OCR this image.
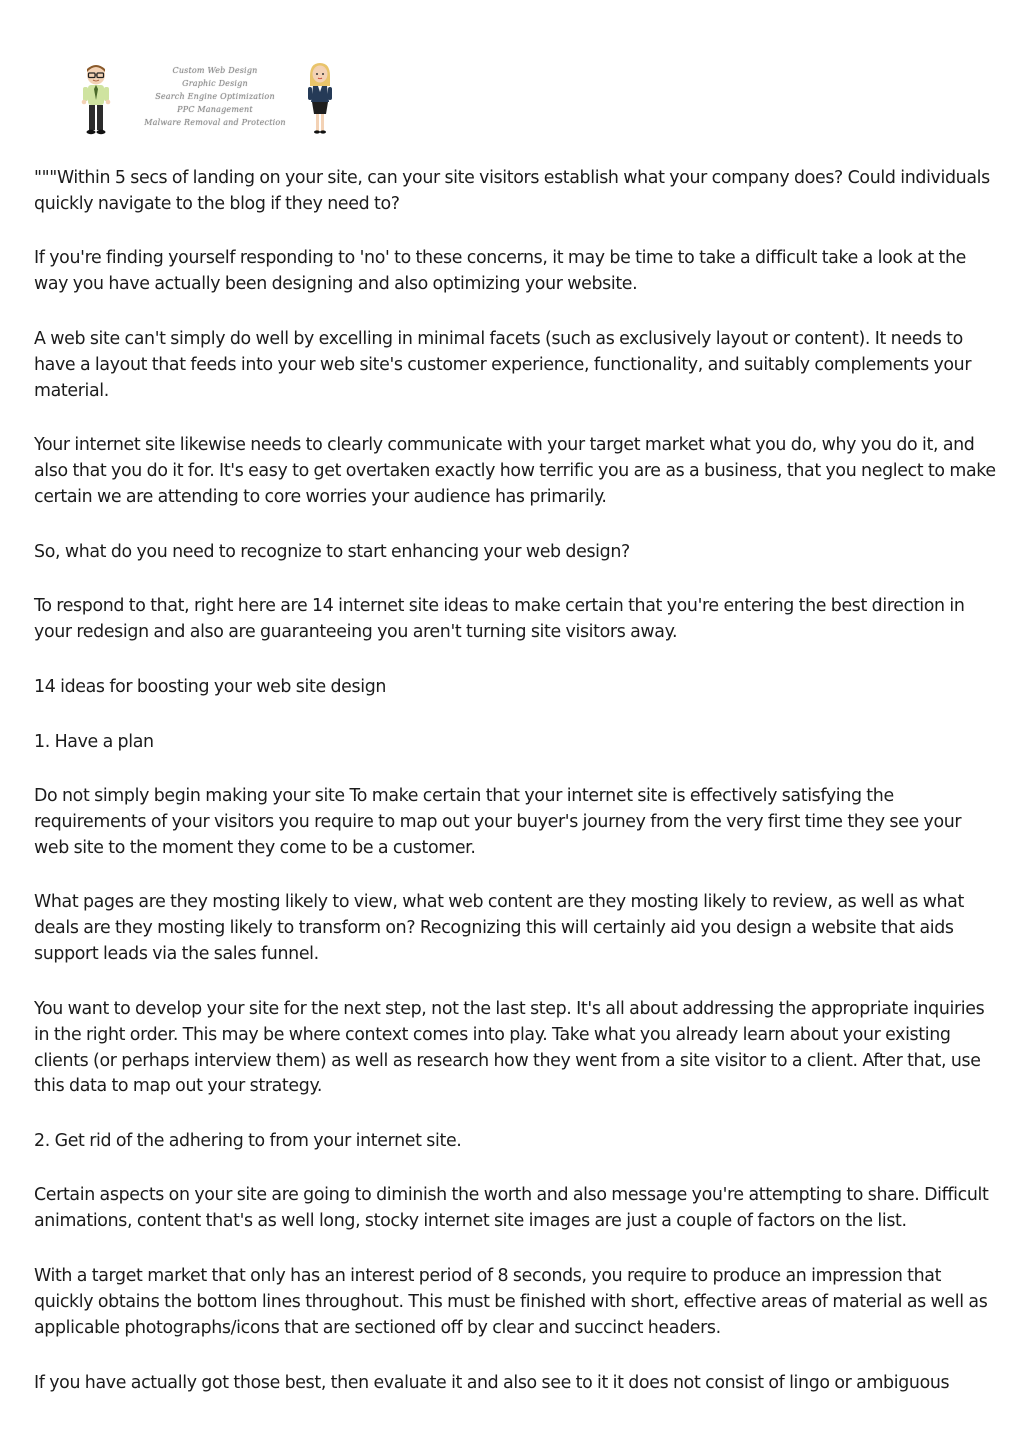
Custom Web Design
Graphic Design
Search Engine Optimization
PPC Management
Malware Removal and Protection

"""Within 5 secs of landing on your site, can your site visitors establish what your company does? Could individuals quickly navigate to the blog if they need to?

If you're finding yourself responding to 'no' to these concerns, it may be time to take a difficult take a look at the way you have actually been designing and also optimizing your website.

A web site can't simply do well by excelling in minimal facets (such as exclusively layout or content). It needs to have a layout that feeds into your web site's customer experience, functionality, and suitably complements your material.

Your internet site likewise needs to clearly communicate with your target market what you do, why you do it, and also that you do it for. It's easy to get overtaken exactly how terrific you are as a business, that you neglect to make certain we are attending to core worries your audience has primarily.

So, what do you need to recognize to start enhancing your web design?

To respond to that, right here are 14 internet site ideas to make certain that you're entering the best direction in your redesign and also are guaranteeing you aren't turning site visitors away.

14 ideas for boosting your web site design

1. Have a plan

Do not simply begin making your site To make certain that your internet site is effectively satisfying the requirements of your visitors you require to map out your buyer's journey from the very first time they see your web site to the moment they come to be a customer.

What pages are they mosting likely to view, what web content are they mosting likely to review, as well as what deals are they mosting likely to transform on? Recognizing this will certainly aid you design a website that aids support leads via the sales funnel.

You want to develop your site for the next step, not the last step. It's all about addressing the appropriate inquiries in the right order. This may be where context comes into play. Take what you already learn about your existing clients (or perhaps interview them) as well as research how they went from a site visitor to a client. After that, use this data to map out your strategy.

2. Get rid of the adhering to from your internet site.

Certain aspects on your site are going to diminish the worth and also message you're attempting to share. Difficult animations, content that's as well long, stocky internet site images are just a couple of factors on the list.

With a target market that only has an interest period of 8 seconds, you require to produce an impression that quickly obtains the bottom lines throughout. This must be finished with short, effective areas of material as well as applicable photographs/icons that are sectioned off by clear and succinct headers.

If you have actually got those best, then evaluate it and also see to it it does not consist of lingo or ambiguous
